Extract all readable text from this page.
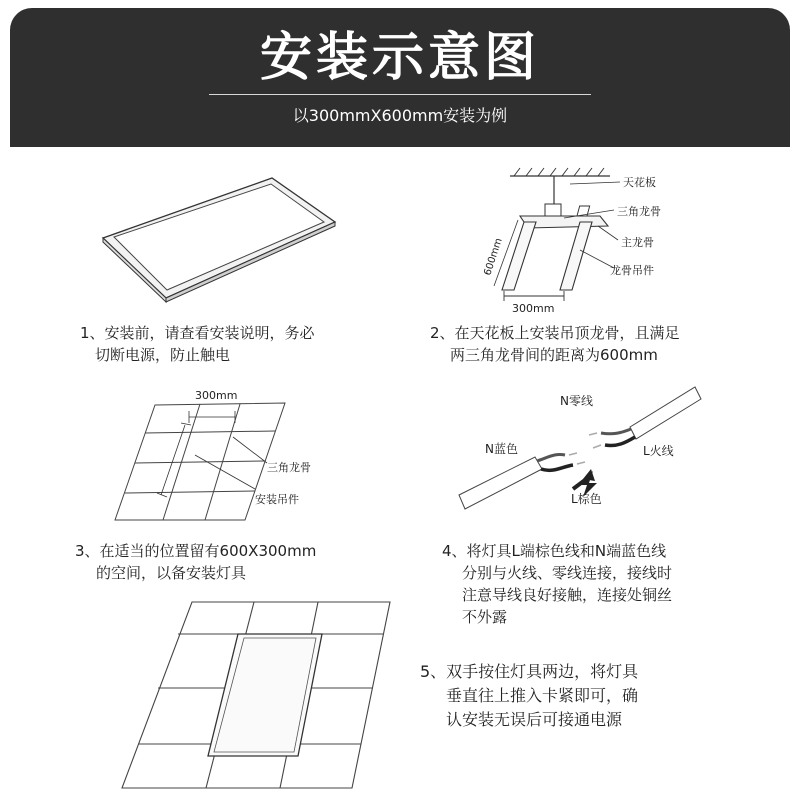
安装示意图
以300mmX600mm安装为例
1、安装前，请查看安装说明，务必
切断电源，防止触电
天花板
三角龙骨
主龙骨
龙骨吊件
600mm
300mm
2、在天花板上安装吊顶龙骨，且满足
两三角龙骨间的距离为600mm
300mm
三角龙骨
安装吊件
3、在适当的位置留有600X300mm
的空间，以备安装灯具
N零线
N蓝色	L火线
L棕色
4、将灯具L端棕色线和N端蓝色线
分别与火线、零线连接，接线时
注意导线良好接触，连接处铜丝
不外露
5、双手按住灯具两边，将灯具
垂直往上推入卡紧即可，确
认安装无误后可接通电源
